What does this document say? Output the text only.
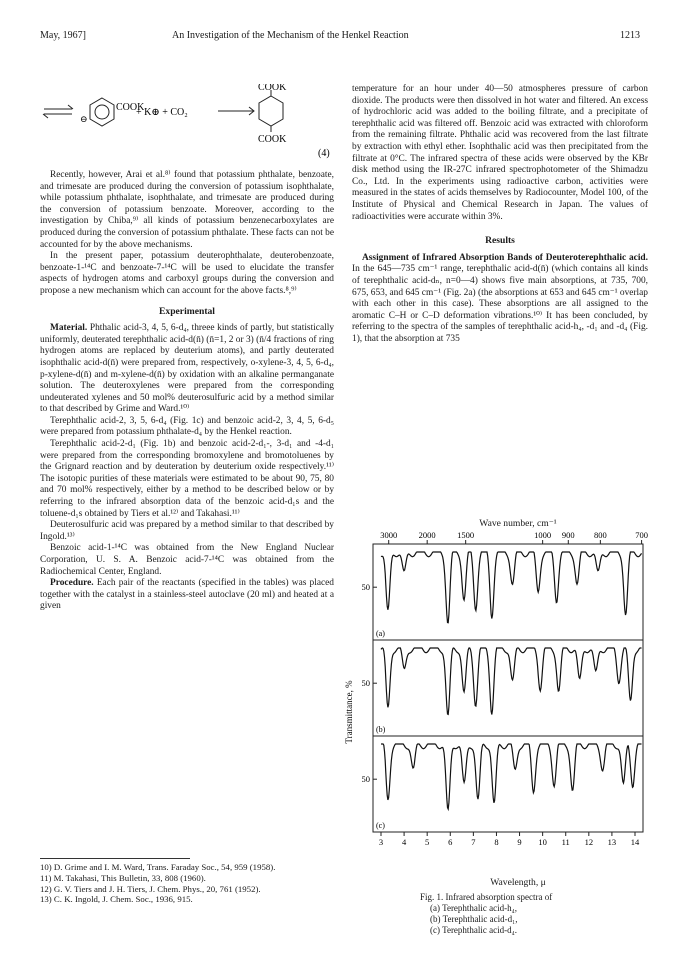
May, 1967]	An Investigation of the Mechanism of the Henkel Reaction	1213
⊖
COOK
+ K⊕ + CO₂
COOK
COOK
(4)

Recently, however, Arai et al.⁸⁾ found that potassium phthalate, benzoate, and trimesate are produced during the conversion of potassium isophthalate, while potassium phthalate, isophthalate, and trimesate are produced during the conversion of potassium benzoate. Moreover, according to the investigation by Chiba,⁹⁾ all kinds of potassium benzenecarboxylates are produced during the conversion of potassium phthalate. These facts can not be accounted for by the above mechanisms.

In the present paper, potassium deuterophthalate, deuterobenzoate, benzoate-1-¹⁴C and benzoate-7-¹⁴C will be used to elucidate the transfer aspects of hydrogen atoms and carboxyl groups during the conversion and propose a new mechanism which can account for the above facts.⁸,⁹⁾

Experimental

Material. Phthalic acid-3, 4, 5, 6-d₄, threee kinds of partly, but statistically uniformly, deuterated terephthalic acid-d(n̄) (n̄=1, 2 or 3) (n̄/4 fractions of ring hydrogen atoms are replaced by deuterium atoms), and partly deuterated isophthalic acid-d(n̄) were prepared from, respectively, o-xylene-3, 4, 5, 6-d₄, p-xylene-d(n̄) and m-xylene-d(n̄) by oxidation with an alkaline permanganate solution. The deuteroxylenes were prepared from the corresponding undeuterated xylenes and 50 mol% deuterosulfuric acid by a method similar to that described by Grime and Ward.¹⁰⁾

Terephthalic acid-2, 3, 5, 6-d₄ (Fig. 1c) and benzoic acid-2, 3, 4, 5, 6-d₅ were prepared from potassium phthalate-d₄ by the Henkel reaction.

Terephthalic acid-2-d₁ (Fig. 1b) and benzoic acid-2-d₁-, 3-d₁ and -4-d₁ were prepared from the corresponding bromoxylene and bromotoluenes by the Grignard reaction and by deuteration by deuterium oxide respectively.¹¹⁾ The isotopic purities of these materials were estimated to be about 90, 75, 80 and 70 mol% respectively, either by a method to be described below or by referring to the infrared absorption data of the benzoic acid-d₁s and the toluene-d₁s obtained by Tiers et al.¹²⁾ and Takahasi.¹¹⁾

Deuterosulfuric acid was prepared by a method similar to that described by Ingold.¹³⁾

Benzoic acid-1-¹⁴C was obtained from the New England Nuclear Corporation, U. S. A. Benzoic acid-7-¹⁴C was obtained from the Radiochemical Center, England.

Procedure. Each pair of the reactants (specified in the tables) was placed together with the catalyst in a stainless-steel autoclave (20 ml) and heated at a given

10) D. Grime and I. M. Ward, Trans. Faraday Soc., 54, 959 (1958).
11) M. Takahasi, This Bulletin, 33, 808 (1960).
12) G. V. Tiers and J. H. Tiers, J. Chem. Phys., 20, 761 (1952).
13) C. K. Ingold, J. Chem. Soc., 1936, 915.

temperature for an hour under 40—50 atmospheres pressure of carbon dioxide. The products were then dissolved in hot water and filtered. An excess of hydrochloric acid was added to the boiling filtrate, and a precipitate of terephthalic acid was filtered off. Benzoic acid was extracted with chloroform from the remaining filtrate. Phthalic acid was recovered from the last filtrate by extraction with ethyl ether. Isophthalic acid was then precipitated from the filtrate at 0°C. The infrared spectra of these acids were observed by the KBr disk method using the IR-27C infrared spectrophotometer of the Shimadzu Co., Ltd. In the experiments using radioactive carbon, activities were measured in the states of acids themselves by Radiocounter, Model 100, of the Institute of Physical and Chemical Research in Japan. The values of radioactivities were accurate within 3%.

Results

Assignment of Infrared Absorption Bands of Deuteroterephthalic acid. In the 645—735 cm⁻¹ range, terephthalic acid-d(n̄) (which contains all kinds of terephthalic acid-dₙ, n=0—4) shows five main absorptions, at 735, 700, 675, 653, and 645 cm⁻¹ (Fig. 2a) (the absorptions at 653 and 645 cm⁻¹ overlap with each other in this case). These absorptions are all assigned to the aromatic C–H or C–D deformation vibrations.¹⁰⁾ It has been concluded, by referring to the spectra of the samples of terephthalic acid-h₄, -d₁ and -d₄ (Fig. 1), that the absorption at 735

Wave number, cm⁻¹
3 4 5 6 7 8 9 10 11 12 13 14
3000	2000	1500	1000 900 800	700
(a)
50
(b)
50
(c)
50
Transmittance, %
Wavelength, μ
Fig. 1. Infrared absorption spectra of
(a) Terephthalic acid-h₄,
(b) Terephthalic acid-d₁,
(c) Terephthalic acid-d₄.
